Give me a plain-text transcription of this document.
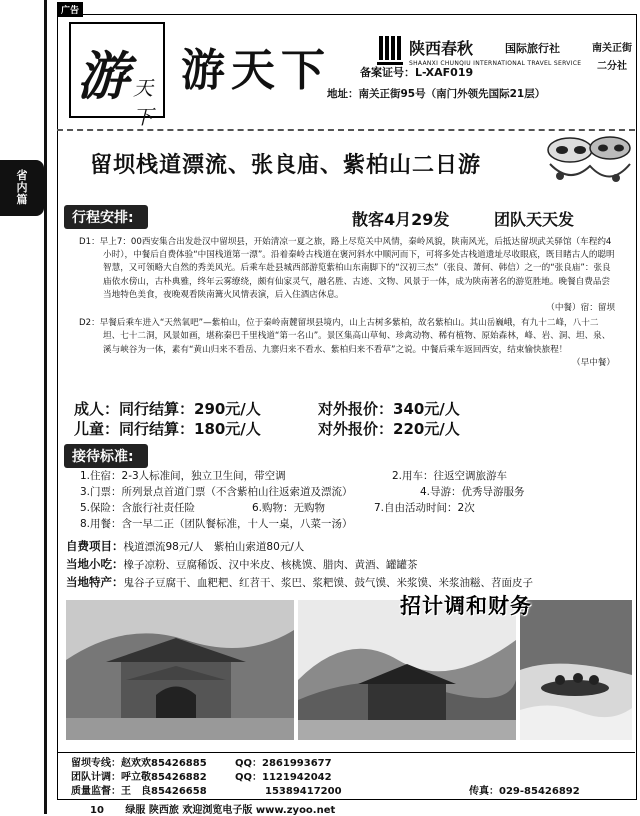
广告
省
内
篇
游 天下
游天下	陕西春秋	国际旅行社
SHAANXI CHUNQIU INTERNATIONAL TRAVEL SERVICE
南关正街
二分社
备案证号：L-XAF019
地址：南关正街95号（南门外领先国际21层）
留坝栈道漂流、张良庙、紫柏山二日游
行程安排:	散客4月29发	团队天天发

D1：早上7：00西安集合出发赴汉中留坝县，开始清凉一夏之旅，路上尽览关中风情，秦岭风貌，陕南风光，后抵达留坝武关驿馆（车程约4小时），中餐后自费体验“中国栈道第一漂”。沿着秦岭古栈道在褒河斜水中顺河而下，可将多处古栈道遗址尽收眼底，既目睹古人的聪明智慧，又可领略大自然的秀美风光。后乘车赴县城西部游览紫柏山东南脚下的“汉初三杰”（张良、萧何、韩信）之一的“张良庙”：张良庙依水傍山，古朴典雅，终年云雾缭绕，颇有仙家灵气，融名胜、古迹、文物、风景于一体，成为陕南著名的游览胜地。晚餐自费品尝当地特色美食，夜晚观看陕南篝火风情表演，后入住酒店休息。
（中餐）宿：留坝

D2：早餐后乘车进入“天然氧吧”—紫柏山，位于秦岭南麓留坝县境内，山上古树多紫柏，故名紫柏山。其山岳巍峨，有九十二峰，八十二坦、七十二洞，风景如画，堪称秦巴千里栈道“第一名山”。景区集高山草甸、珍禽动物、稀有植物、原始森林，峰、岩、洞、坦、泉、溪与峡谷为一体，素有“黄山归来不看岳、九寨归来不看水、紫柏归来不看草”之说。中餐后乘车返回西安，结束愉快旅程！
（早中餐）

成人：同行结算：290元/人	对外报价：340元/人
儿童：同行结算：180元/人	对外报价：220元/人
接待标准:
1.住宿：2-3人标准间，独立卫生间，带空调	2.用车：往返空调旅游车
3.门票：所列景点首道门票（不含紫柏山往返索道及漂流）	4.导游：优秀导游服务
5.保险：含旅行社责任险	6.购物：无购物	7.自由活动时间：2次
8.用餐：含一早二正（团队餐标准，十人一桌，八菜一汤）
自费项目：栈道漂流98元/人　紫柏山索道80元/人
当地小吃：橡子凉粉、豆腐稀饭、汉中米皮、核桃馍、腊肉、黄酒、罐罐茶
当地特产：鬼谷子豆腐干、血粑粑、红苕干、浆巴、浆粑馍、鼓气馍、米浆馍、米浆油糍、苕面皮子
招计调和财务
留坝专线：赵欢欢85426885	QQ：2861993677
团队计调：呼立敬85426882	QQ：1121942042
质量监督：王　良85426658	15389417200	传真：029-85426892
10 绿服 陕西旅 欢迎浏览电子版 www.zyoo.net
